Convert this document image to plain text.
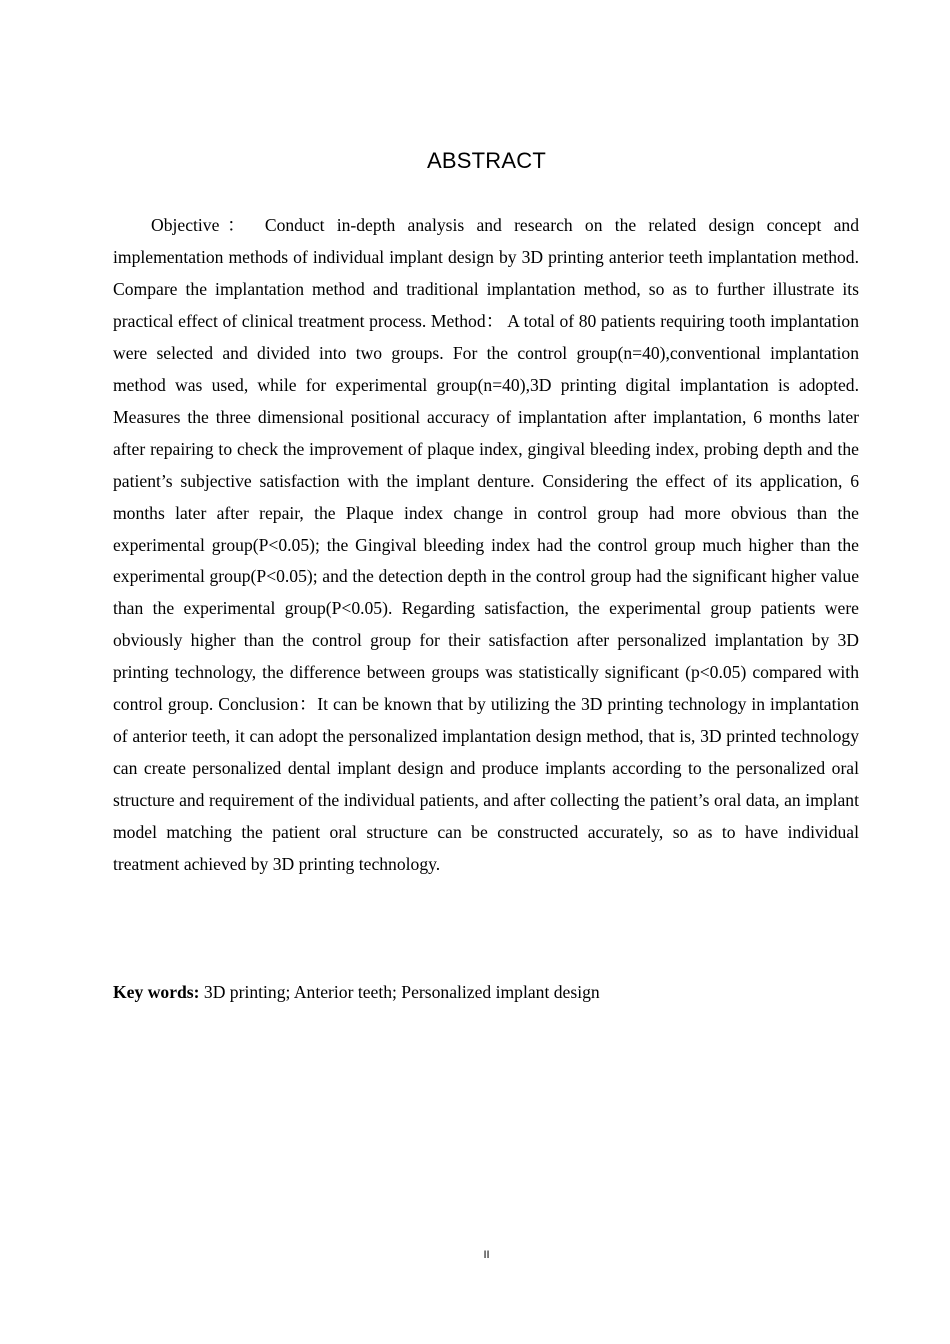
ABSTRACT

Objective： Conduct in-depth analysis and research on the related design concept and implementation methods of individual implant design by 3D printing anterior teeth implantation method. Compare the implantation method and traditional implantation method, so as to further illustrate its practical effect of clinical treatment process. Method： A total of 80 patients requiring tooth implantation were selected and divided into two groups. For the control group(n=40),conventional implantation method was used, while for experimental group(n=40),3D printing digital implantation is adopted. Measures the three dimensional positional accuracy of implantation after implantation, 6 months later after repairing to check the improvement of plaque index, gingival bleeding index, probing depth and the patient’s subjective satisfaction with the implant denture. Considering the effect of its application, 6 months later after repair, the Plaque index change in control group had more obvious than the experimental group(P<0.05); the Gingival bleeding index had the control group much higher than the experimental group(P<0.05); and the detection depth in the control group had the significant higher value than the experimental group(P<0.05). Regarding satisfaction, the experimental group patients were obviously higher than the control group for their satisfaction after personalized implantation by 3D printing technology, the difference between groups was statistically significant (p<0.05) compared with control group. Conclusion：It can be known that by utilizing the 3D printing technology in implantation of anterior teeth, it can adopt the personalized implantation design method, that is, 3D printed technology can create personalized dental implant design and produce implants according to the personalized oral structure and requirement of the individual patients, and after collecting the patient’s oral data, an implant model matching the patient oral structure can be constructed accurately, so as to have individual treatment achieved by 3D printing technology.

Key words: 3D printing; Anterior teeth; Personalized implant design

II
